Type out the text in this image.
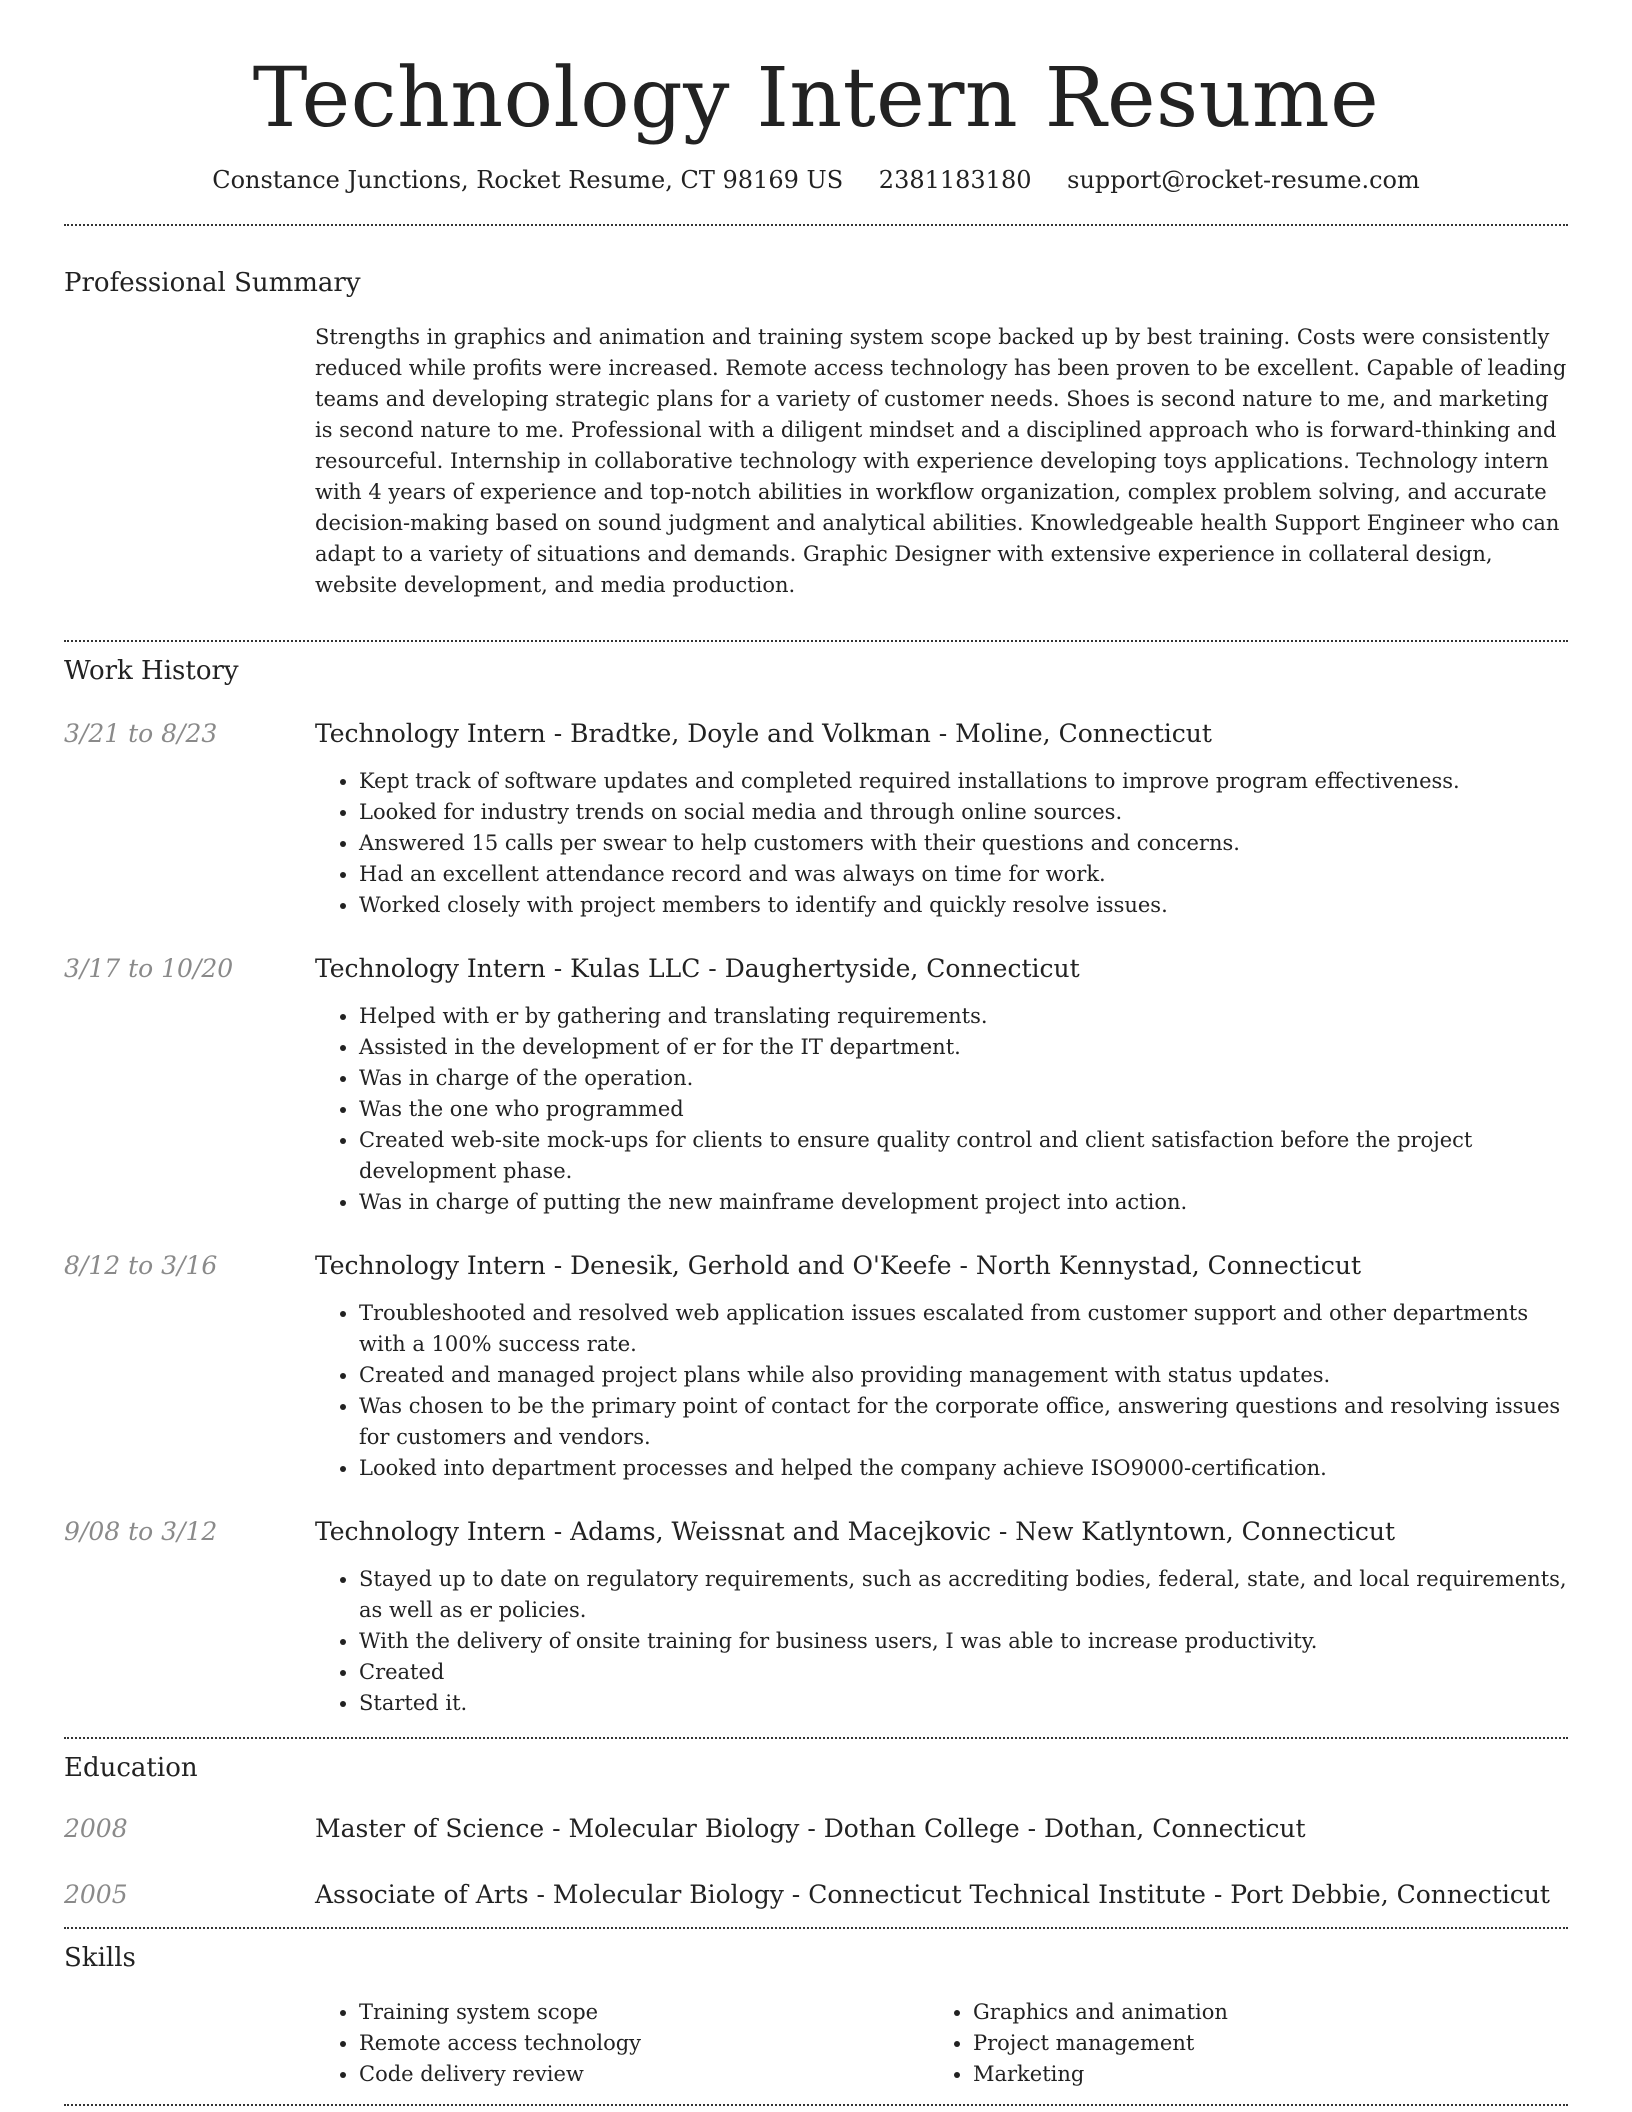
Technology Intern Resume
Constance Junctions, Rocket Resume, CT 98169 US 2381183180 support@rocket-resume.com
Professional Summary

Strengths in graphics and animation and training system scope backed up by best training. Costs were consistently reduced while profits were increased. Remote access technology has been proven to be excellent. Capable of leading teams and developing strategic plans for a variety of customer needs. Shoes is second nature to me, and marketing is second nature to me. Professional with a diligent mindset and a disciplined approach who is forward-thinking and resourceful. Internship in collaborative technology with experience developing toys applications. Technology intern with 4 years of experience and top-notch abilities in workflow organization, complex problem solving, and accurate decision-making based on sound judgment and analytical abilities. Knowledgeable health Support Engineer who can adapt to a variety of situations and demands. Graphic Designer with extensive experience in collateral design, website development, and media production.

Work History
3/21 to 8/23	Technology Intern - Bradtke, Doyle and Volkman - Moline, Connecticut
• Kept track of software updates and completed required installations to improve program effectiveness.
• Looked for industry trends on social media and through online sources.
• Answered 15 calls per swear to help customers with their questions and concerns.
• Had an excellent attendance record and was always on time for work.
• Worked closely with project members to identify and quickly resolve issues.
3/17 to 10/20	Technology Intern - Kulas LLC - Daughertyside, Connecticut
• Helped with er by gathering and translating requirements.
• Assisted in the development of er for the IT department.
• Was in charge of the operation.
• Was the one who programmed
• Created web-site mock-ups for clients to ensure quality control and client satisfaction before the project development phase.
• Was in charge of putting the new mainframe development project into action.
8/12 to 3/16	Technology Intern - Denesik, Gerhold and O'Keefe - North Kennystad, Connecticut
• Troubleshooted and resolved web application issues escalated from customer support and other departments with a 100% success rate.
• Created and managed project plans while also providing management with status updates.
• Was chosen to be the primary point of contact for the corporate office, answering questions and resolving issues for customers and vendors.
• Looked into department processes and helped the company achieve ISO9000-certification.
9/08 to 3/12	Technology Intern - Adams, Weissnat and Macejkovic - New Katlyntown, Connecticut
• Stayed up to date on regulatory requirements, such as accrediting bodies, federal, state, and local requirements, as well as er policies.
• With the delivery of onsite training for business users, I was able to increase productivity.
• Created
• Started it.
Education
2008	Master of Science - Molecular Biology - Dothan College - Dothan, Connecticut
2005	Associate of Arts - Molecular Biology - Connecticut Technical Institute - Port Debbie, Connecticut
Skills
• Training system scope
• Remote access technology
• Code delivery review
• Graphics and animation
• Project management
• Marketing
